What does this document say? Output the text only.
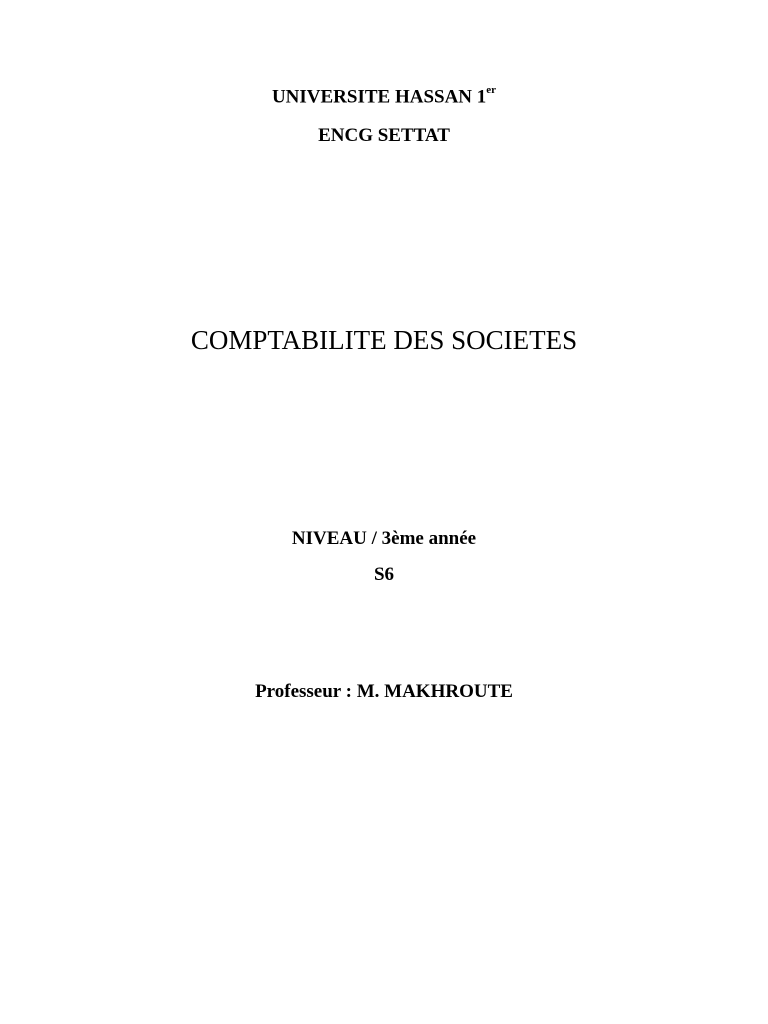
UNIVERSITE HASSAN 1er
ENCG SETTAT
COMPTABILITE DES SOCIETES
NIVEAU / 3ème année
S6
Professeur : M. MAKHROUTE
